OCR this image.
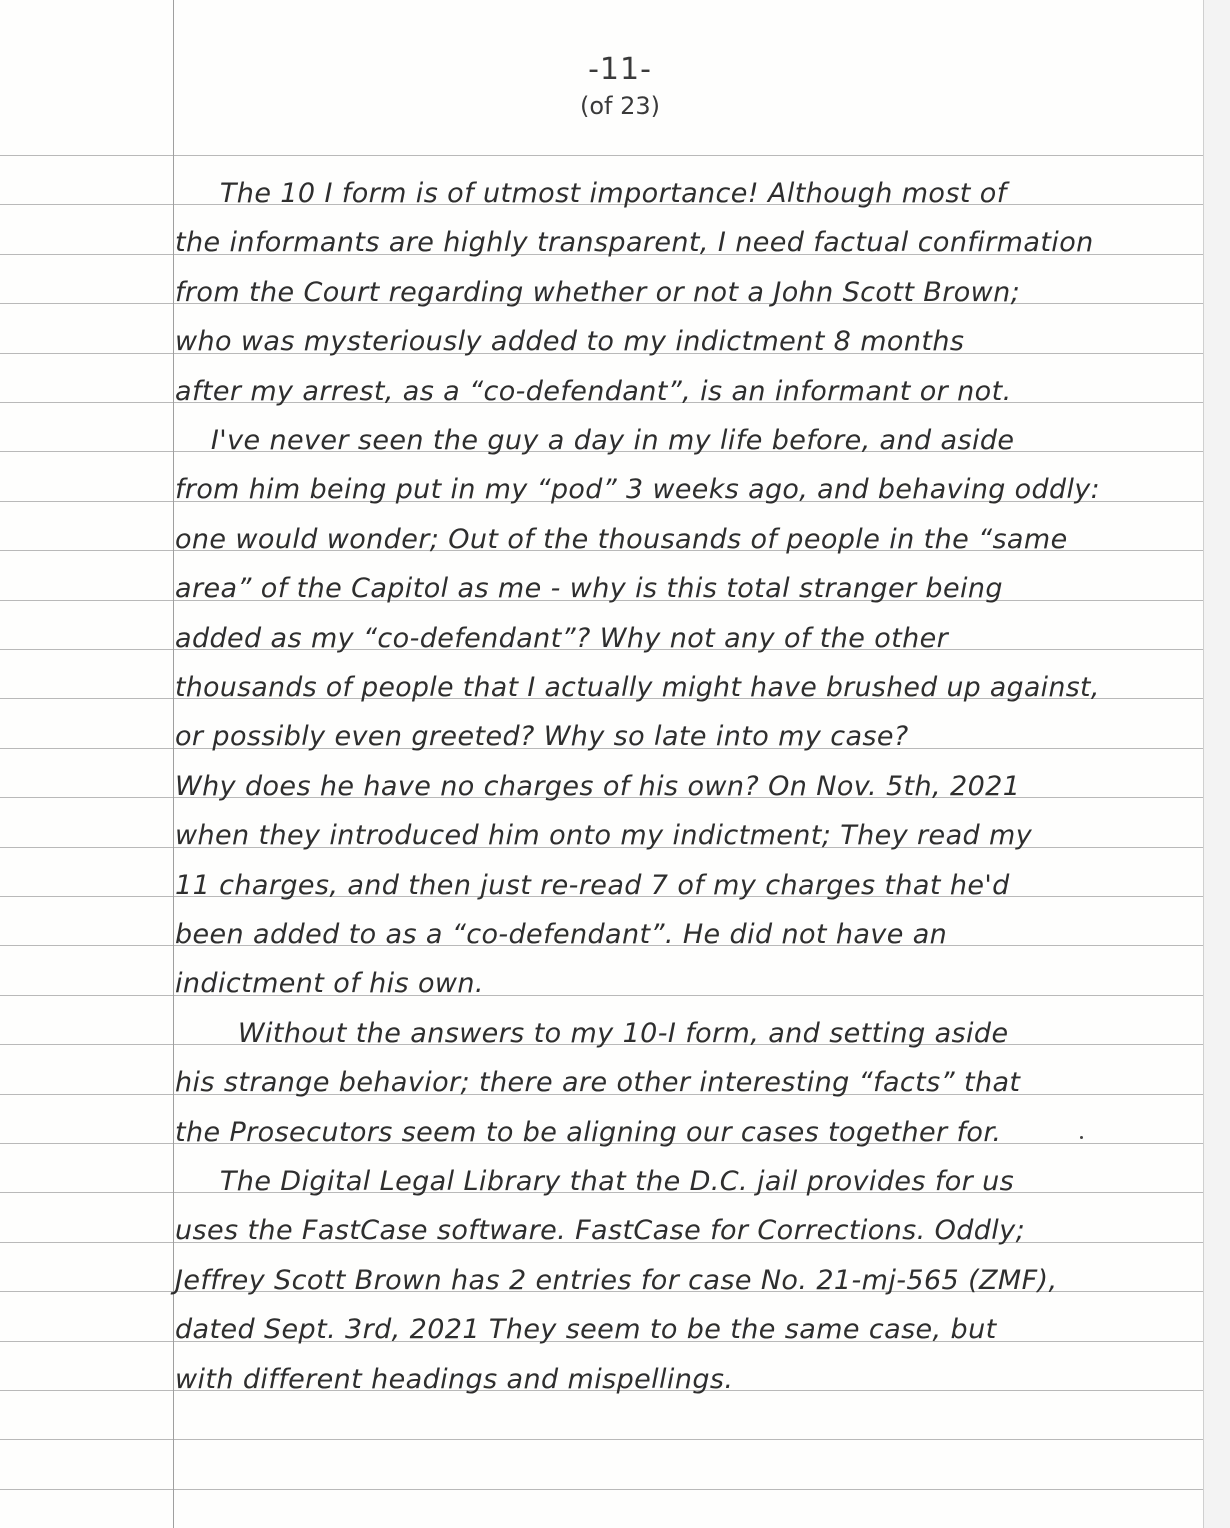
-11-
(of 23)
The 10 I form is of utmost importance! Although most of
the informants are highly transparent, I need factual confirmation
from the Court regarding whether or not a John Scott Brown;
who was mysteriously added to my indictment 8 months
after my arrest, as a “co-defendant”, is an informant or not.
I've never seen the guy a day in my life before, and aside
from him being put in my “pod” 3 weeks ago, and behaving oddly:
one would wonder; Out of the thousands of people in the “same
area” of the Capitol as me - why is this total stranger being
added as my “co-defendant”? Why not any of the other
thousands of people that I actually might have brushed up against,
or possibly even greeted? Why so late into my case?
Why does he have no charges of his own? On Nov. 5th, 2021
when they introduced him onto my indictment; They read my
11 charges, and then just re-read 7 of my charges that he'd
been added to as a “co-defendant”. He did not have an
indictment of his own.
Without the answers to my 10-I form, and setting aside
his strange behavior; there are other interesting “facts” that
the Prosecutors seem to be aligning our cases together for.
The Digital Legal Library that the D.C. jail provides for us
uses the FastCase software. FastCase for Corrections. Oddly;
Jeffrey Scott Brown has 2 entries for case No. 21-mj-565 (ZMF),
dated Sept. 3rd, 2021 They seem to be the same case, but
with different headings and mispellings.
